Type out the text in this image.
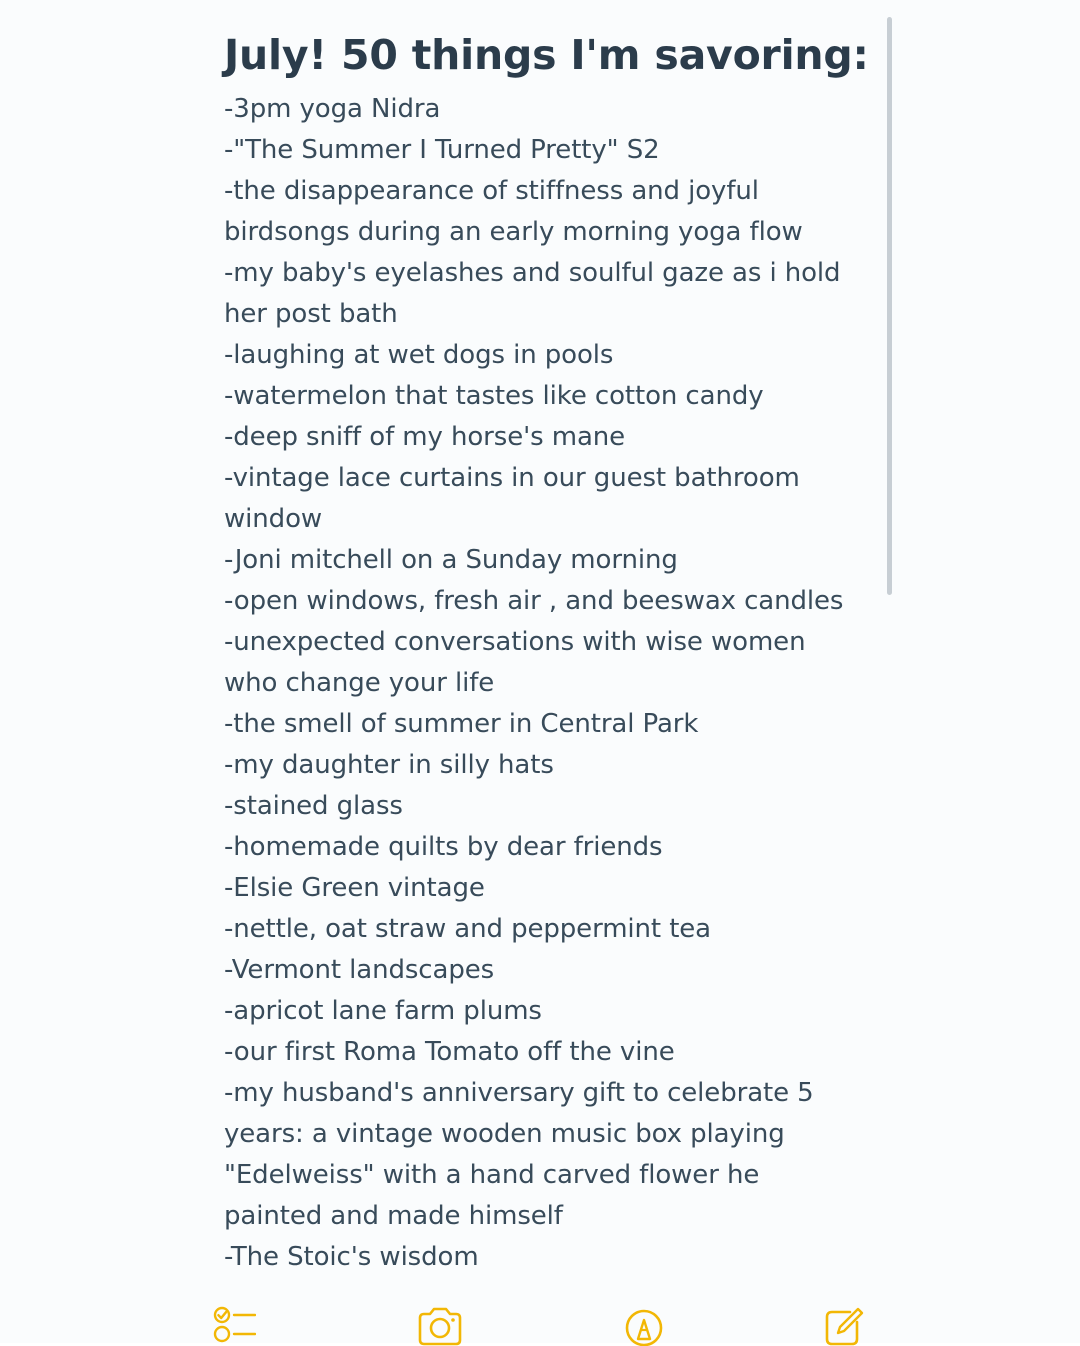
July! 50 things I'm savoring:
-3pm yoga Nidra
-"The Summer I Turned Pretty" S2
-the disappearance of stiffness and joyful
birdsongs during an early morning yoga flow
-my baby's eyelashes and soulful gaze as i hold
her post bath
-laughing at wet dogs in pools
-watermelon that tastes like cotton candy
-deep sniff of my horse's mane
-vintage lace curtains in our guest bathroom
window
-Joni mitchell on a Sunday morning
-open windows, fresh air , and beeswax candles
-unexpected conversations with wise women
who change your life
-the smell of summer in Central Park
-my daughter in silly hats
-stained glass
-homemade quilts by dear friends
-Elsie Green vintage
-nettle, oat straw and peppermint tea
-Vermont landscapes
-apricot lane farm plums
-our first Roma Tomato off the vine
-my husband's anniversary gift to celebrate 5
years: a vintage wooden music box playing
"Edelweiss" with a hand carved flower he
painted and made himself
-The Stoic's wisdom
